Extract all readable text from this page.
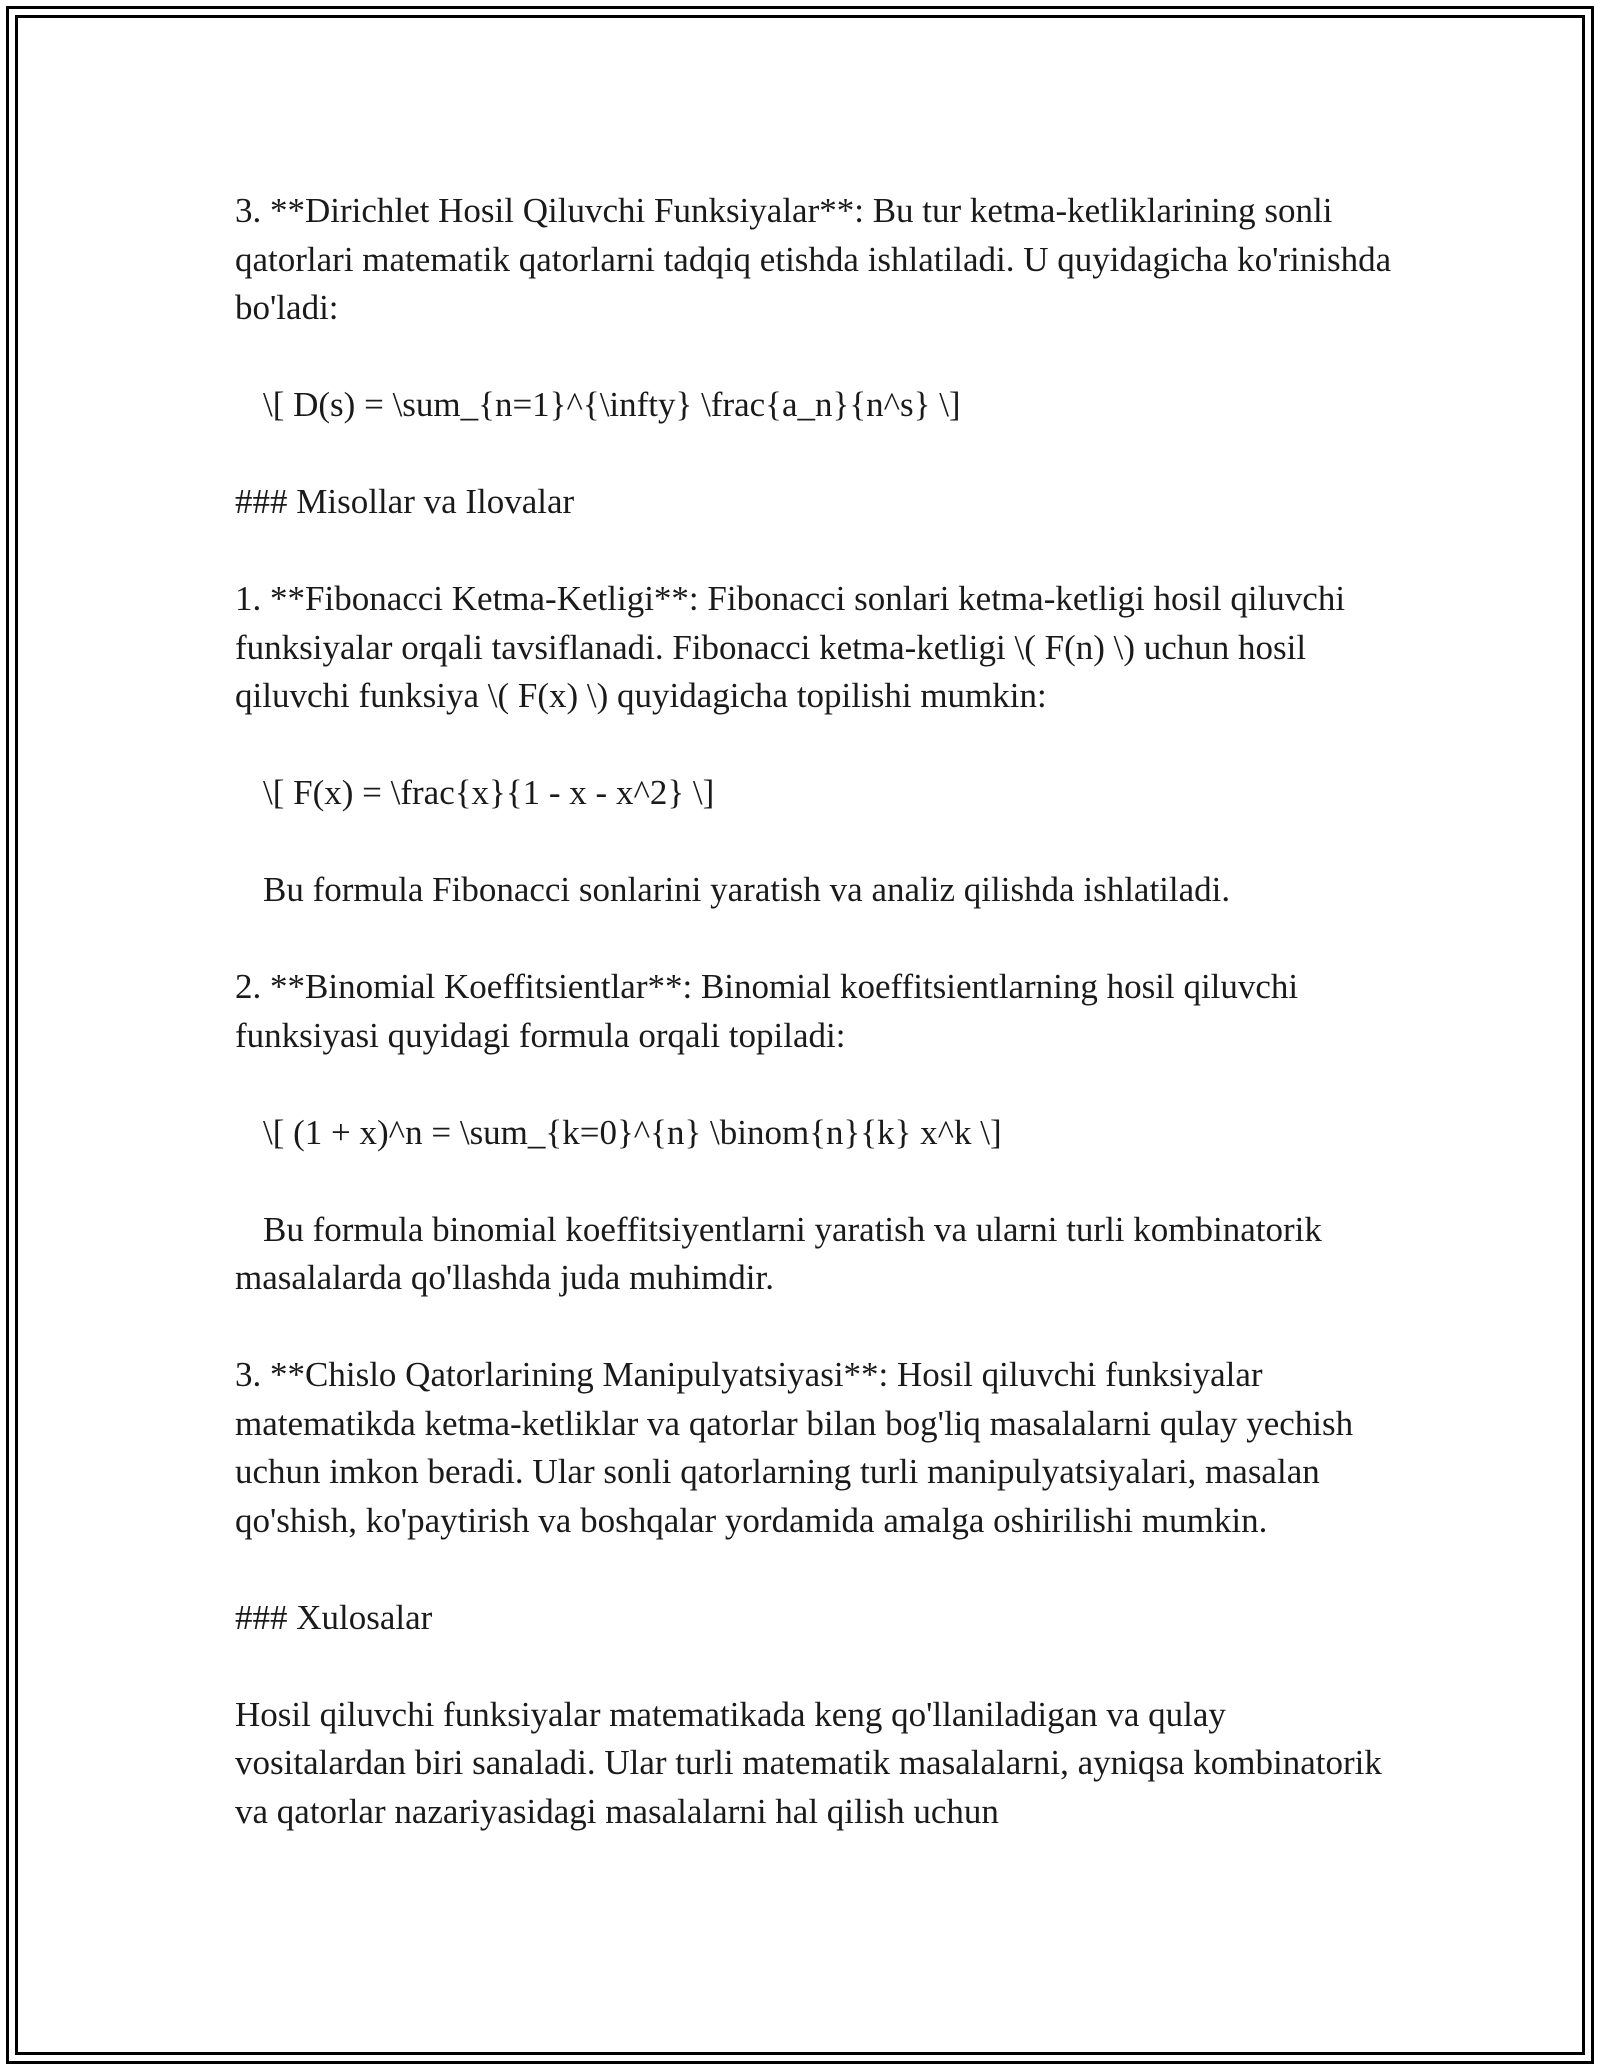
3. **Dirichlet Hosil Qiluvchi Funksiyalar**: Bu tur ketma-ketliklarining sonli qatorlari matematik qatorlarni tadqiq etishda ishlatiladi. U quyidagicha ko'rinishda bo'ladi:

\[ D(s) = \sum_{n=1}^{\infty} \frac{a_n}{n^s} \]

### Misollar va Ilovalar

1. **Fibonacci Ketma-Ketligi**: Fibonacci sonlari ketma-ketligi hosil qiluvchi funksiyalar orqali tavsiflanadi. Fibonacci ketma-ketligi \( F(n) \) uchun hosil qiluvchi funksiya \( F(x) \) quyidagicha topilishi mumkin:

\[ F(x) = \frac{x}{1 - x - x^2} \]

Bu formula Fibonacci sonlarini yaratish va analiz qilishda ishlatiladi.

2. **Binomial Koeffitsientlar**: Binomial koeffitsientlarning hosil qiluvchi funksiyasi quyidagi formula orqali topiladi:

\[ (1 + x)^n = \sum_{k=0}^{n} \binom{n}{k} x^k \]

Bu formula binomial koeffitsiyentlarni yaratish va ularni turli kombinatorik masalalarda qo'llashda juda muhimdir.

3. **Chislo Qatorlarining Manipulyatsiyasi**: Hosil qiluvchi funksiyalar matematikda ketma-ketliklar va qatorlar bilan bog'liq masalalarni qulay yechish uchun imkon beradi. Ular sonli qatorlarning turli manipulyatsiyalari, masalan qo'shish, ko'paytirish va boshqalar yordamida amalga oshirilishi mumkin.

### Xulosalar

Hosil qiluvchi funksiyalar matematikada keng qo'llaniladigan va qulay vositalardan biri sanaladi. Ular turli matematik masalalarni, ayniqsa kombinatorik va qatorlar nazariyasidagi masalalarni hal qilish uchun
